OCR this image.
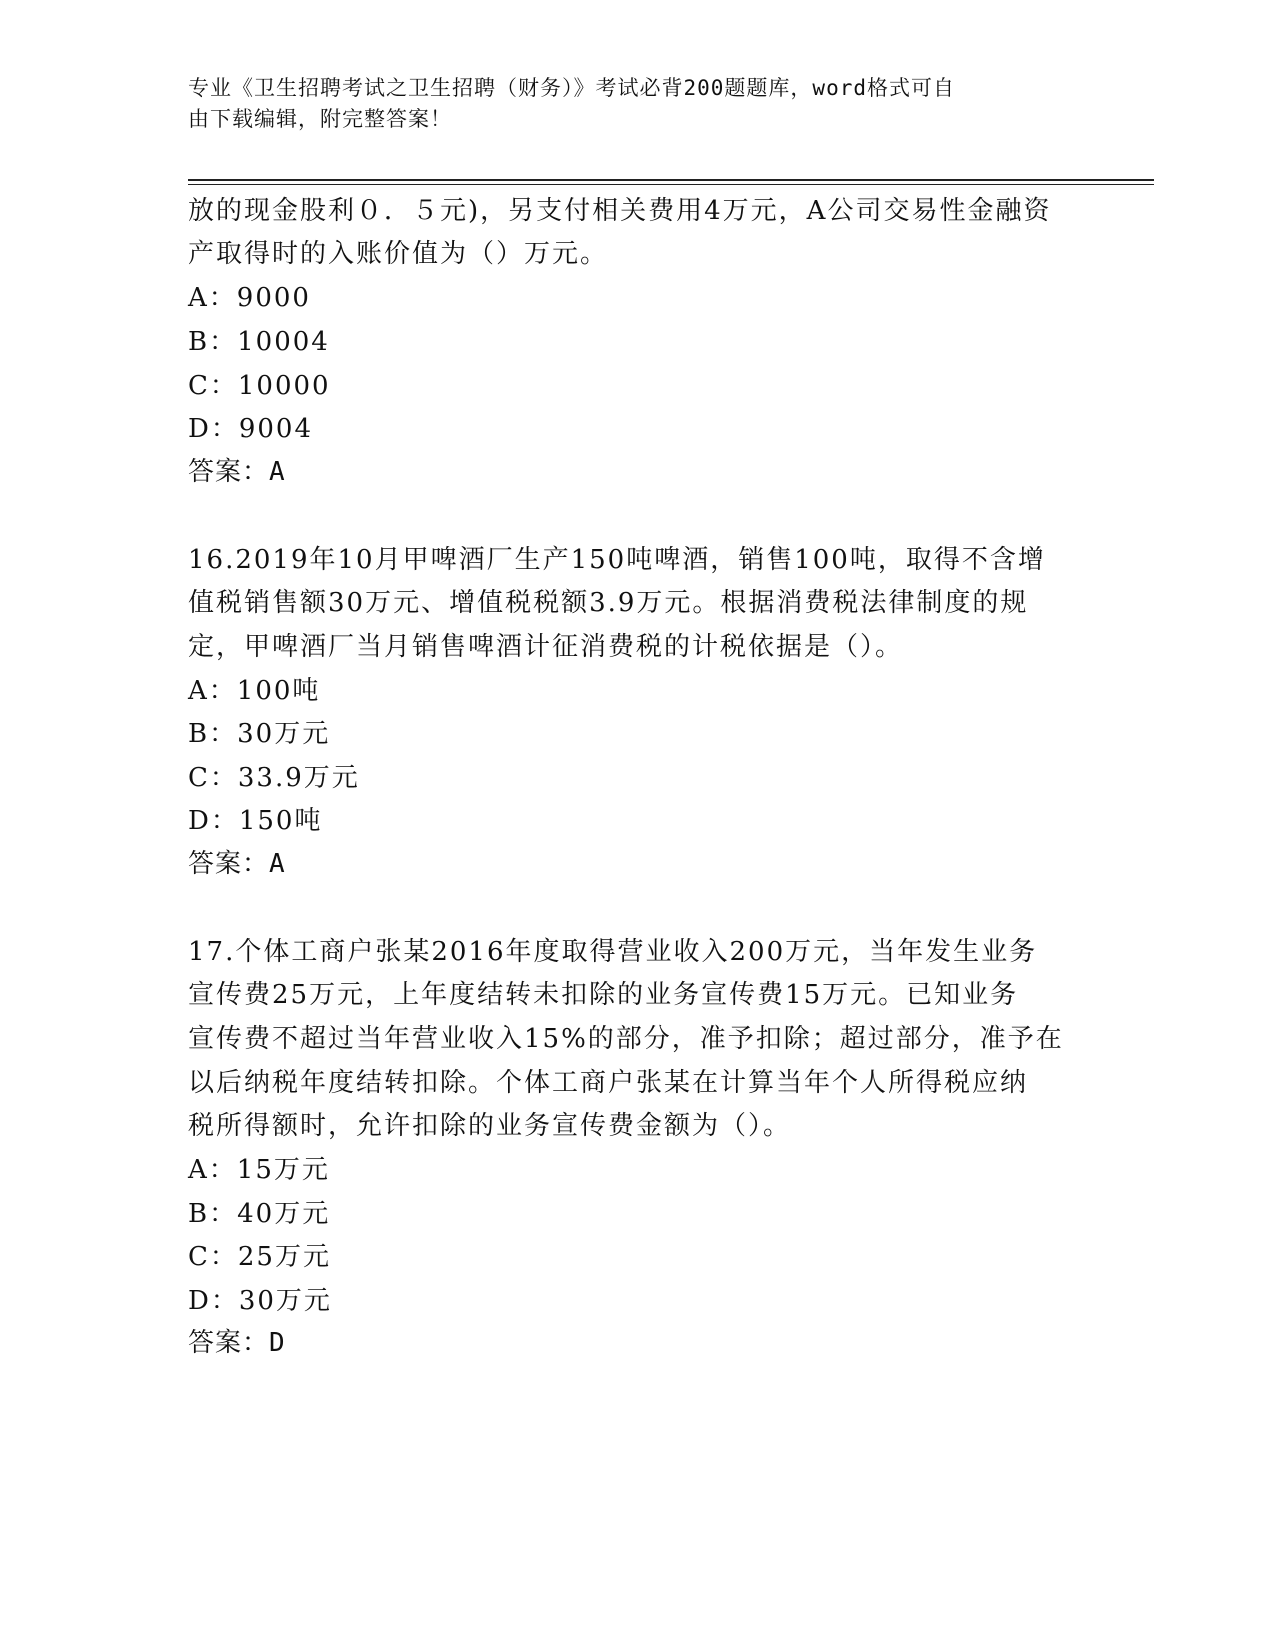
专业《卫生招聘考试之卫生招聘（财务）》考试必背200题题库，word格式可自
由下载编辑，附完整答案！
放的现金股利０．５元)，另支付相关费用4万元，A公司交易性金融资
产取得时的入账价值为（）万元。
A：9000
B：10004
C：10000
D：9004
答案：A
16.2019年10月甲啤酒厂生产150吨啤酒，销售100吨，取得不含增
值税销售额30万元、增值税税额3.9万元。根据消费税法律制度的规
定，甲啤酒厂当月销售啤酒计征消费税的计税依据是（）。
A：100吨
B：30万元
C：33.9万元
D：150吨
答案：A
17.个体工商户张某2016年度取得营业收入200万元，当年发生业务
宣传费25万元，上年度结转未扣除的业务宣传费15万元。已知业务
宣传费不超过当年营业收入15%的部分，准予扣除；超过部分，准予在
以后纳税年度结转扣除。个体工商户张某在计算当年个人所得税应纳
税所得额时，允许扣除的业务宣传费金额为（）。
A：15万元
B：40万元
C：25万元
D：30万元
答案：D
